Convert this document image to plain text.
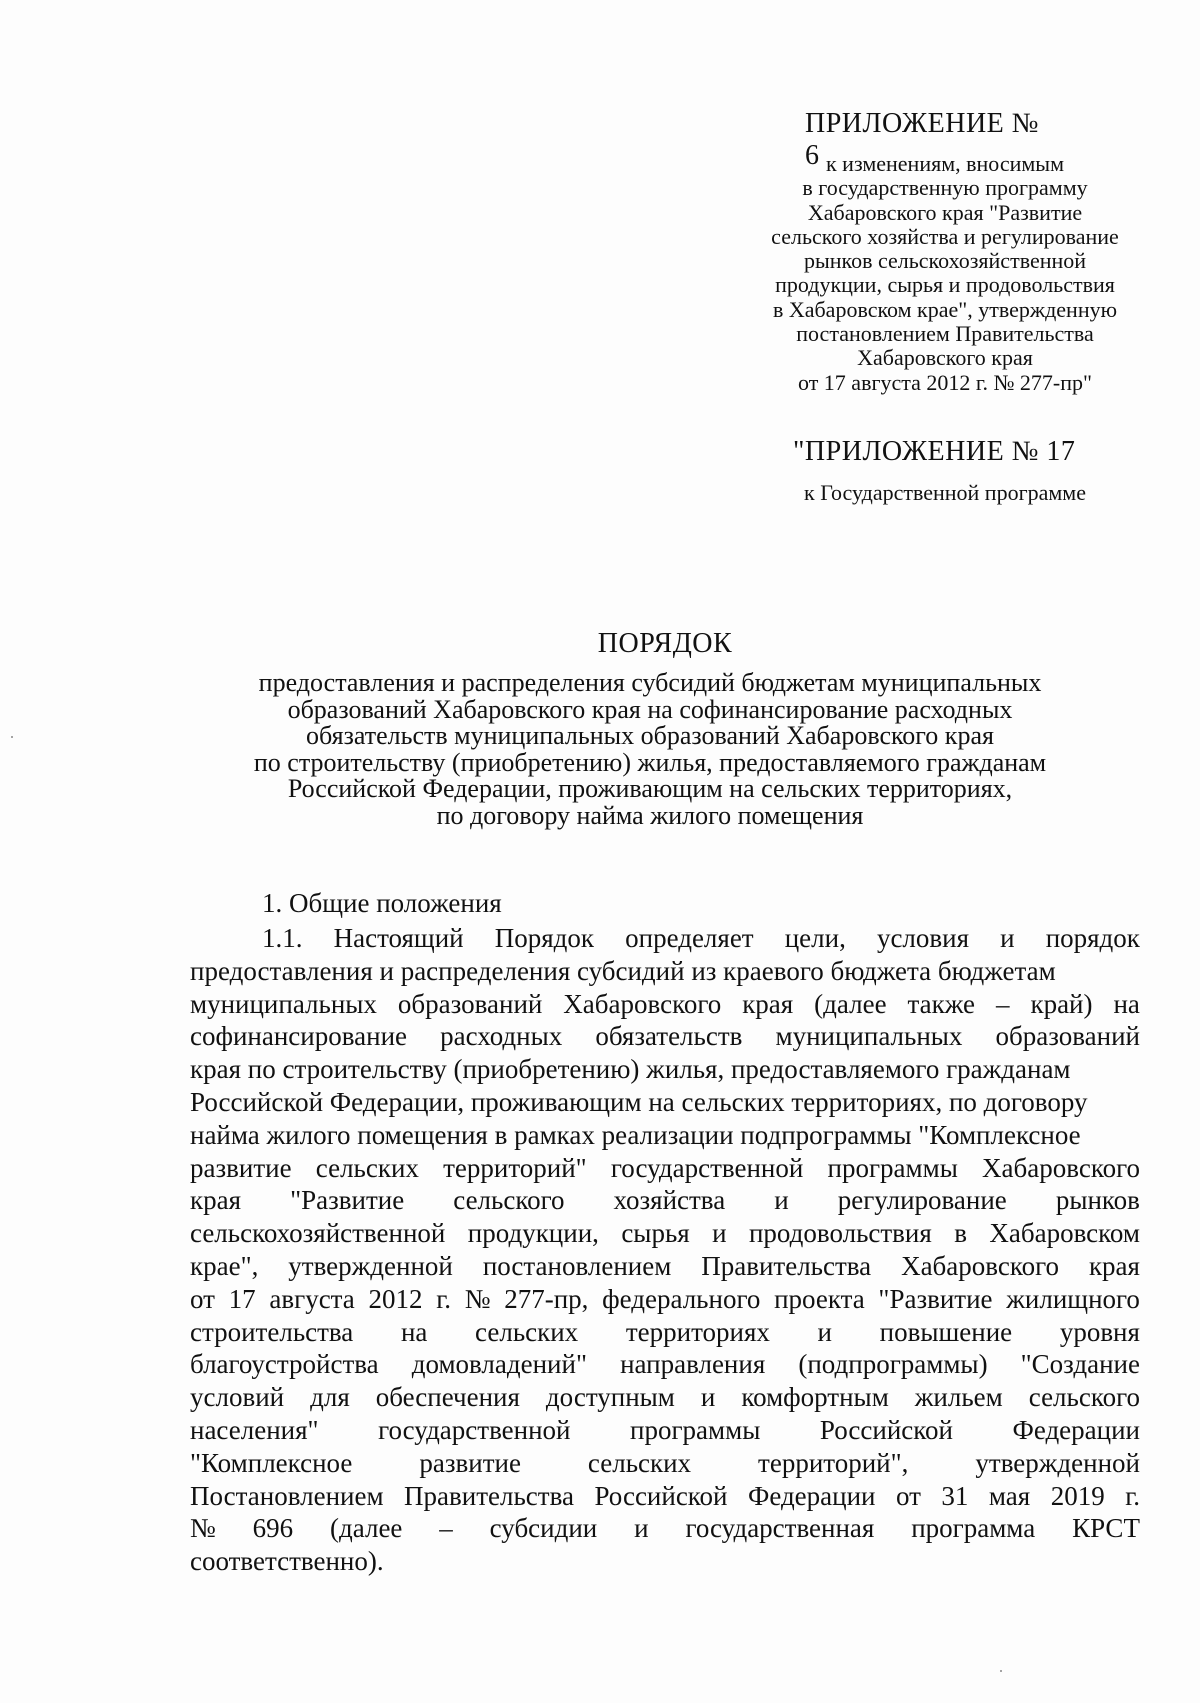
ПРИЛОЖЕНИЕ № 6 к изменениям, вносимым
в государственную программу
Хабаровского края "Развитие
сельского хозяйства и регулирование
рынков сельскохозяйственной
продукции, сырья и продовольствия
в Хабаровском крае", утвержденную
постановлением Правительства
Хабаровского края
от 17 августа 2012 г. № 277-пр"
"ПРИЛОЖЕНИЕ № 17
к Государственной программе
ПОРЯДОК
предоставления и распределения субсидий бюджетам муниципальных
образований Хабаровского края на софинансирование расходных
обязательств муниципальных образований Хабаровского края
по строительству (приобретению) жилья, предоставляемого гражданам
Российской Федерации, проживающим на сельских территориях,
по договору найма жилого помещения
1. Общие положения
1.1. Настоящий Порядок определяет цели, условия и порядок
предоставления и распределения субсидий из краевого бюджета бюджетам
муниципальных образований Хабаровского края (далее также – край) на
софинансирование расходных обязательств муниципальных образований
края по строительству (приобретению) жилья, предоставляемого гражданам
Российской Федерации, проживающим на сельских территориях, по договору
найма жилого помещения в рамках реализации подпрограммы "Комплексное
развитие сельских территорий" государственной программы Хабаровского
края "Развитие сельского хозяйства и регулирование рынков
сельскохозяйственной продукции, сырья и продовольствия в Хабаровском
крае", утвержденной постановлением Правительства Хабаровского края
от 17 августа 2012 г. № 277-пр, федерального проекта "Развитие жилищного
строительства на сельских территориях и повышение уровня
благоустройства домовладений" направления (подпрограммы) "Создание
условий для обеспечения доступным и комфортным жильем сельского
населения" государственной программы Российской Федерации
"Комплексное развитие сельских территорий", утвержденной
Постановлением Правительства Российской Федерации от 31 мая 2019 г.
№ 696 (далее – субсидии и государственная программа КРСТ
соответственно).
